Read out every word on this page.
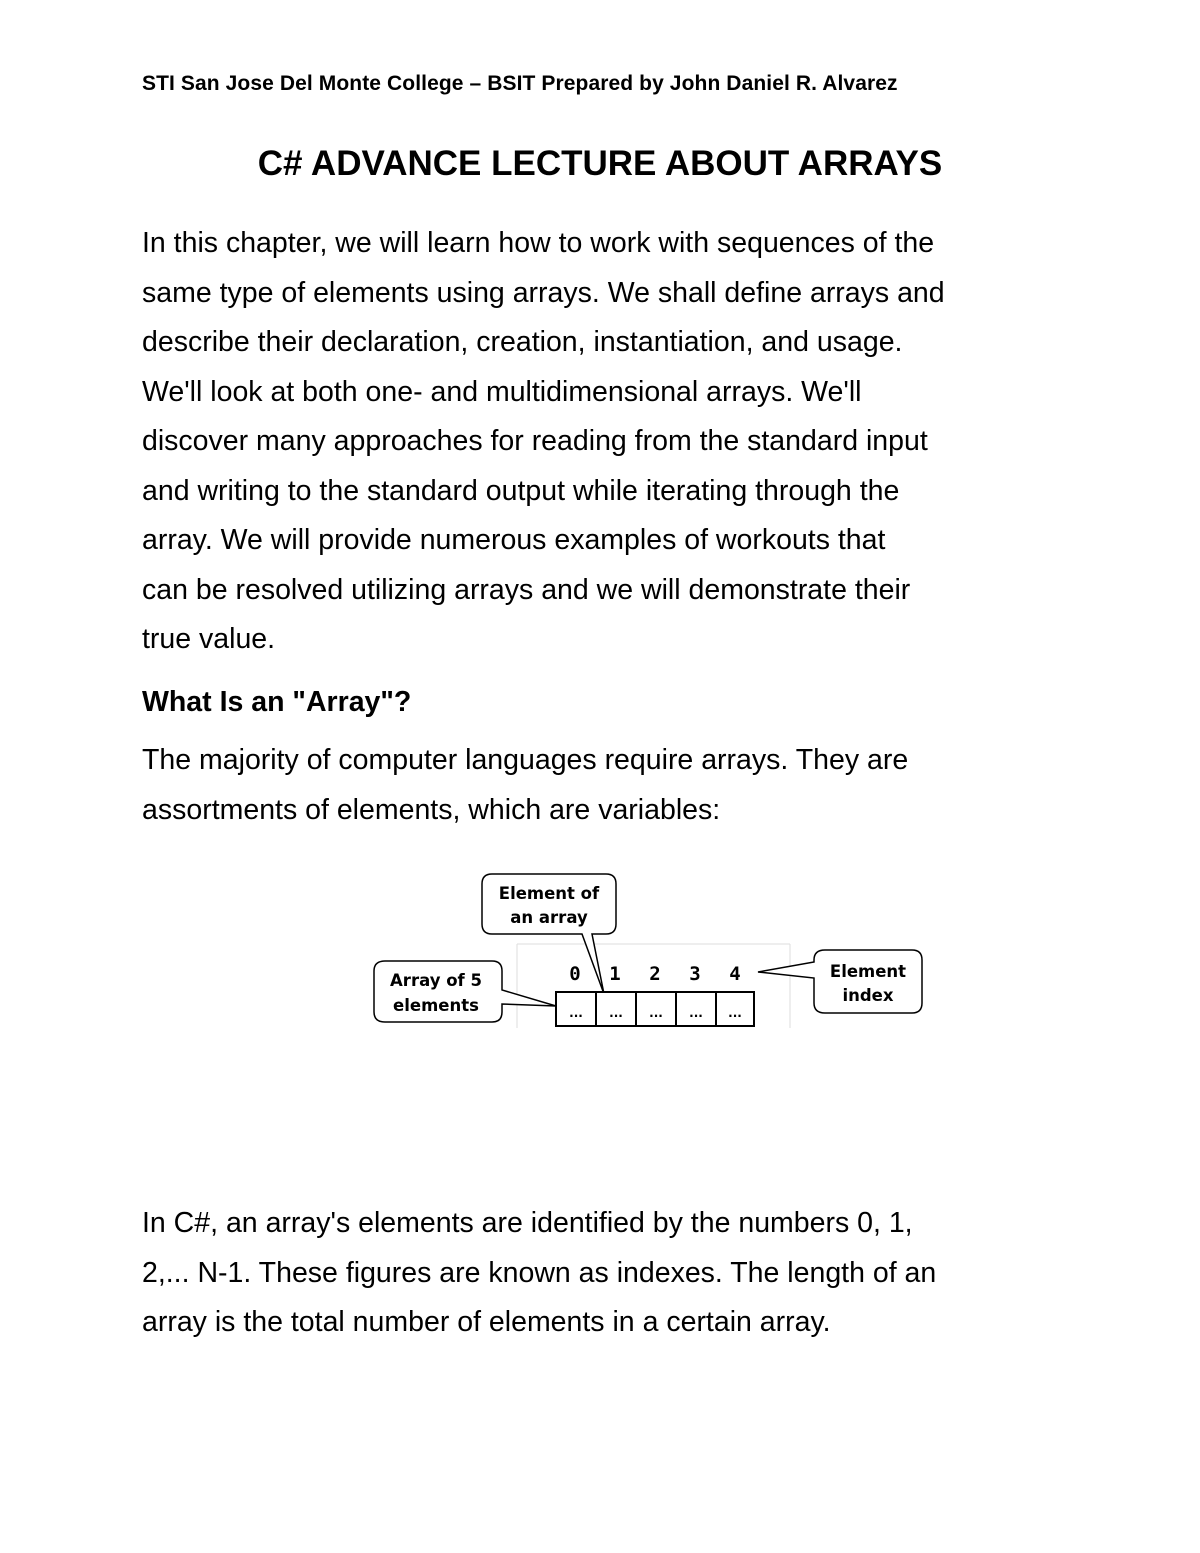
STI San Jose Del Monte College – BSIT Prepared by John Daniel R. Alvarez
C# ADVANCE LECTURE ABOUT ARRAYS

In this chapter, we will learn how to work with sequences of the
same type of elements using arrays. We shall define arrays and
describe their declaration, creation, instantiation, and usage.
We'll look at both one- and multidimensional arrays. We'll
discover many approaches for reading from the standard input
and writing to the standard output while iterating through the
array. We will provide numerous examples of workouts that
can be resolved utilizing arrays and we will demonstrate their
true value.

What Is an "Array"?

The majority of computer languages require arrays. They are
assortments of elements, which are variables:

Element of
an array
Array of 5
elements
Element
index
0 1 2 3 4
... ... ... ... ...

In C#, an array's elements are identified by the numbers 0, 1,
2,... N-1. These figures are known as indexes. The length of an
array is the total number of elements in a certain array.
